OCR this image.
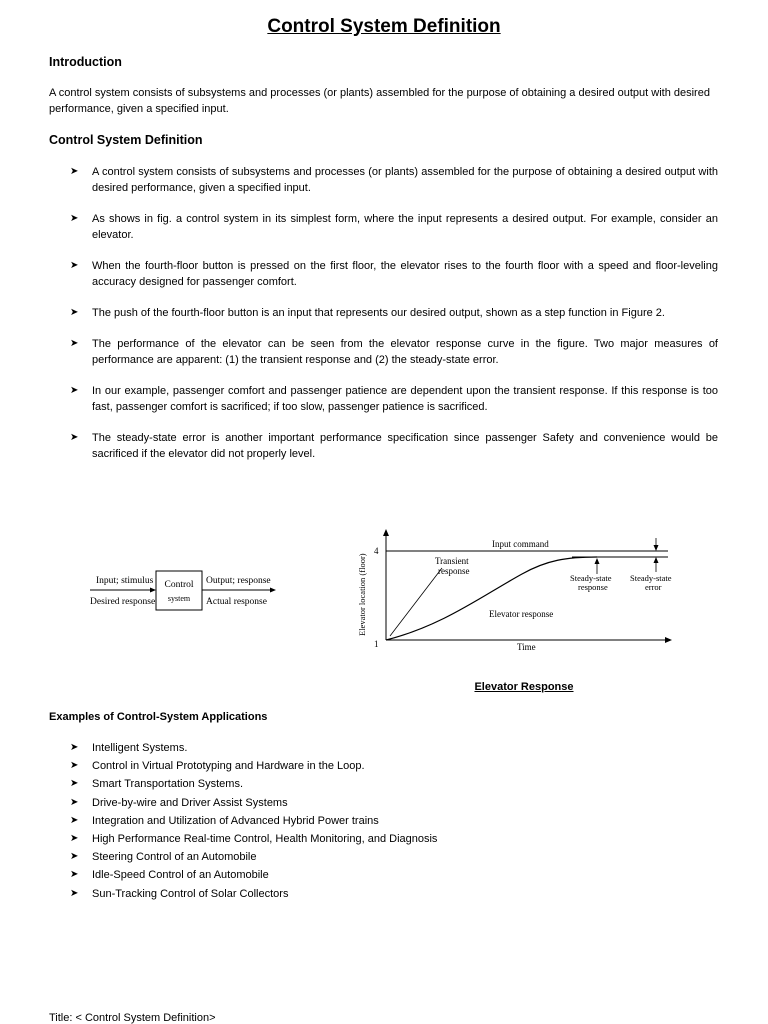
Control System Definition
Introduction
A control system consists of subsystems and processes (or plants) assembled for the purpose of obtaining a desired output with desired performance, given a specified input.
Control System Definition
➤ A control system consists of subsystems and processes (or plants) assembled for the purpose of obtaining a desired output with desired performance, given a specified input.
➤ As shows in fig. a control system in its simplest form, where the input represents a desired output. For example, consider an elevator.
➤ When the fourth-floor button is pressed on the first floor, the elevator rises to the fourth floor with a speed and floor-leveling accuracy designed for passenger comfort.
➤ The push of the fourth-floor button is an input that represents our desired output, shown as a step function in Figure 2.
➤ The performance of the elevator can be seen from the elevator response curve in the figure. Two major measures of performance are apparent: (1) the transient response and (2) the steady-state error.
➤ In our example, passenger comfort and passenger patience are dependent upon the transient response. If this response is too fast, passenger comfort is sacrificed; if too slow, passenger patience is sacrificed.
➤ The steady-state error is another important performance specification since passenger Safety and convenience would be sacrificed if the elevator did not properly level.
Input; stimulus
Desired response
Control
system
Output; response
Actual response	Elevator location (floor)
4
1
Input command
Transient
response
Steady-state
response
Steady-state
error
Elevator response
Time
Elevator Response
Examples of Control-System Applications
➤ Intelligent Systems.
➤ Control in Virtual Prototyping and Hardware in the Loop.
➤ Smart Transportation Systems.
➤ Drive-by-wire and Driver Assist Systems
➤ Integration and Utilization of Advanced Hybrid Power trains
➤ High Performance Real-time Control, Health Monitoring, and Diagnosis
➤ Steering Control of an Automobile
➤ Idle-Speed Control of an Automobile
➤ Sun-Tracking Control of Solar Collectors
Title: < Control System Definition>
